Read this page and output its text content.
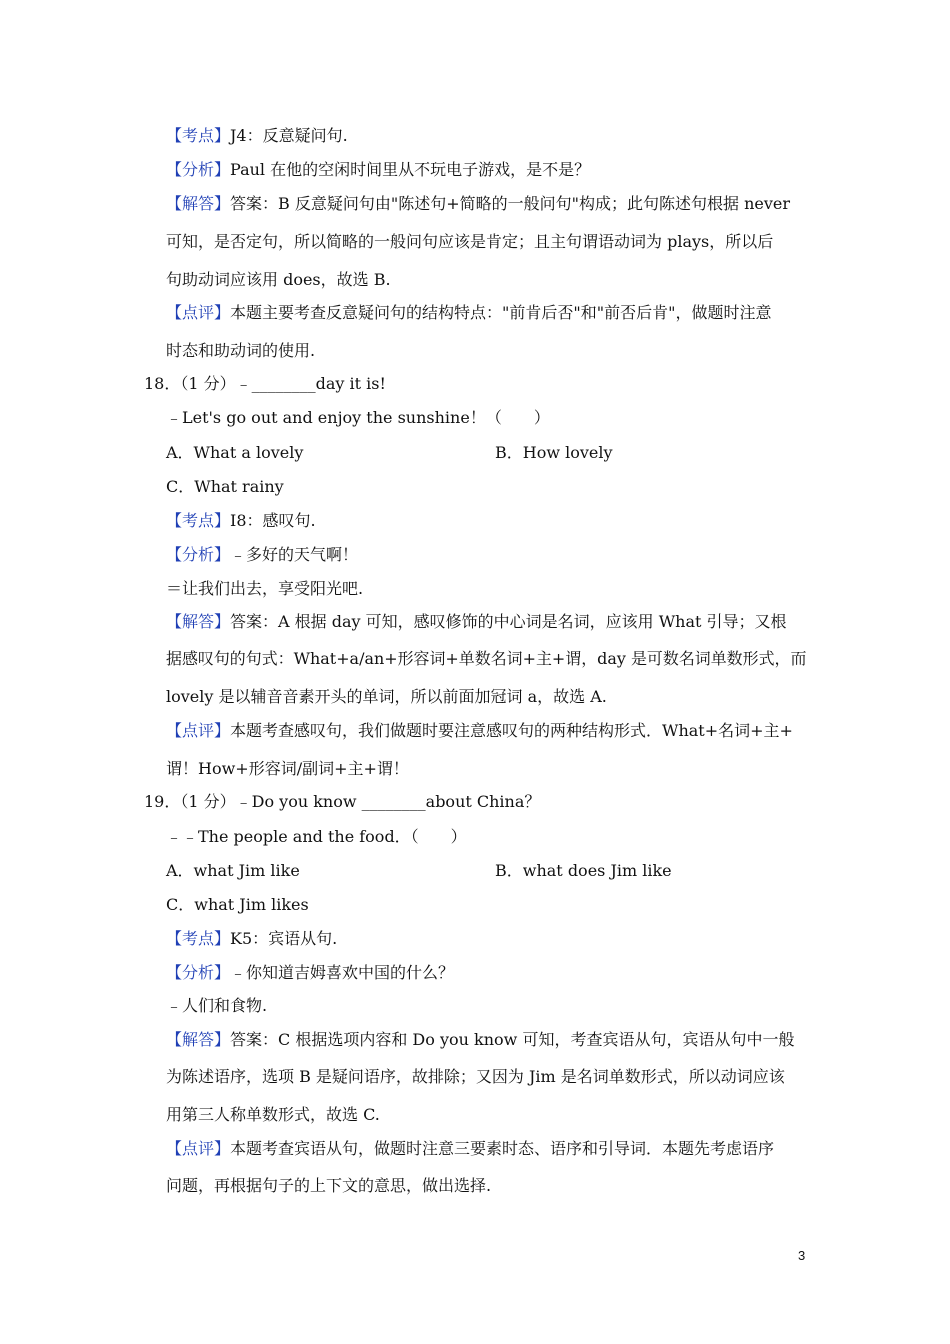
【考点】J4：反意疑问句.
【分析】Paul 在他的空闲时间里从不玩电子游戏，是不是？
【解答】答案：B 反意疑问句由"陈述句+简略的一般问句"构成；此句陈述句根据 never
可知，是否定句，所以简略的一般问句应该是肯定；且主句谓语动词为 plays，所以后
句助动词应该用 does，故选 B.
【点评】本题主要考查反意疑问句的结构特点："前肯后否"和"前否后肯"，做题时注意
时态和助动词的使用.
18．（1 分）﹣________day it is!
﹣Let's go out and enjoy the sunshine！（　　）
A．What a lovely	B．How lovely
C．What rainy
【考点】I8：感叹句.
【分析】﹣多好的天气啊！
＝让我们出去，享受阳光吧.
【解答】答案：A 根据 day 可知，感叹修饰的中心词是名词，应该用 What 引导；又根
据感叹句的句式：What+a/an+形容词+单数名词+主+谓，day 是可数名词单数形式，而
lovely 是以辅音音素开头的单词，所以前面加冠词 a，故选 A.
【点评】本题考查感叹句，我们做题时要注意感叹句的两种结构形式．What+名词+主+
谓！How+形容词/副词+主+谓！
19．（1 分）﹣Do you know ________about China？
﹣﹣The people and the food．（　　）
A．what Jim like	B．what does Jim like
C．what Jim likes
【考点】K5：宾语从句.
【分析】﹣你知道吉姆喜欢中国的什么？
﹣人们和食物.
【解答】答案：C 根据选项内容和 Do you know 可知，考查宾语从句，宾语从句中一般
为陈述语序，选项 B 是疑问语序，故排除；又因为 Jim 是名词单数形式，所以动词应该
用第三人称单数形式，故选 C.
【点评】本题考查宾语从句，做题时注意三要素时态、语序和引导词．本题先考虑语序
问题，再根据句子的上下文的意思，做出选择.
3
